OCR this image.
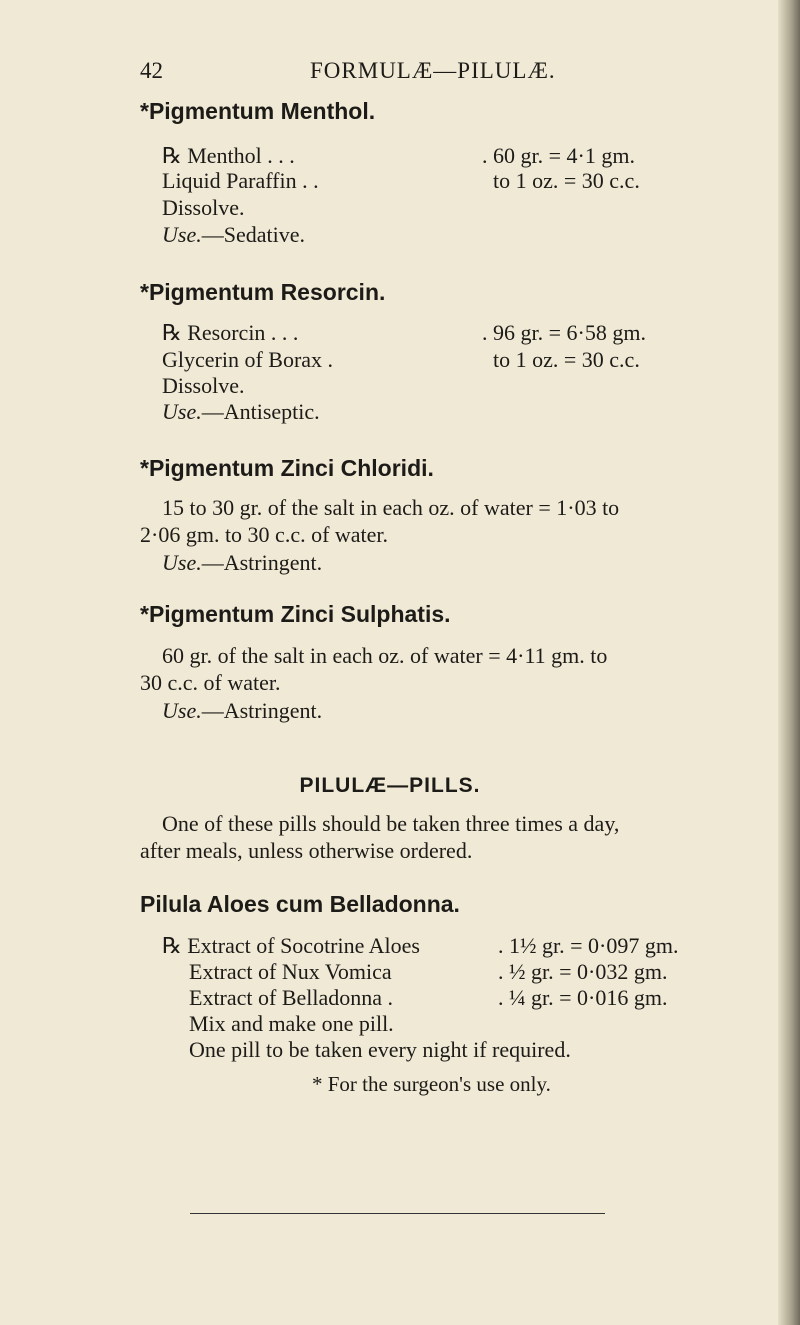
42	FORMULÆ—PILULÆ.
*Pigmentum Menthol.
℞ Menthol . . .	. 60 gr. = 4·1 gm.
Liquid Paraffin . .	to 1 oz. = 30 c.c.
Dissolve.
Use.—Sedative.
*Pigmentum Resorcin.
℞ Resorcin . . .	. 96 gr. = 6·58 gm.
Glycerin of Borax .	to 1 oz. = 30 c.c.
Dissolve.
Use.—Antiseptic.
*Pigmentum Zinci Chloridi.
15 to 30 gr. of the salt in each oz. of water = 1·03 to
2·06 gm. to 30 c.c. of water.
Use.—Astringent.
*Pigmentum Zinci Sulphatis.
60 gr. of the salt in each oz. of water = 4·11 gm. to
30 c.c. of water.
Use.—Astringent.
PILULÆ—PILLS.
One of these pills should be taken three times a day,
after meals, unless otherwise ordered.
Pilula Aloes cum Belladonna.
℞ Extract of Socotrine Aloes	. 1½ gr. = 0·097 gm.
Extract of Nux Vomica	. ½ gr. = 0·032 gm.
Extract of Belladonna .	. ¼ gr. = 0·016 gm.
Mix and make one pill.
One pill to be taken every night if required.
* For the surgeon's use only.
